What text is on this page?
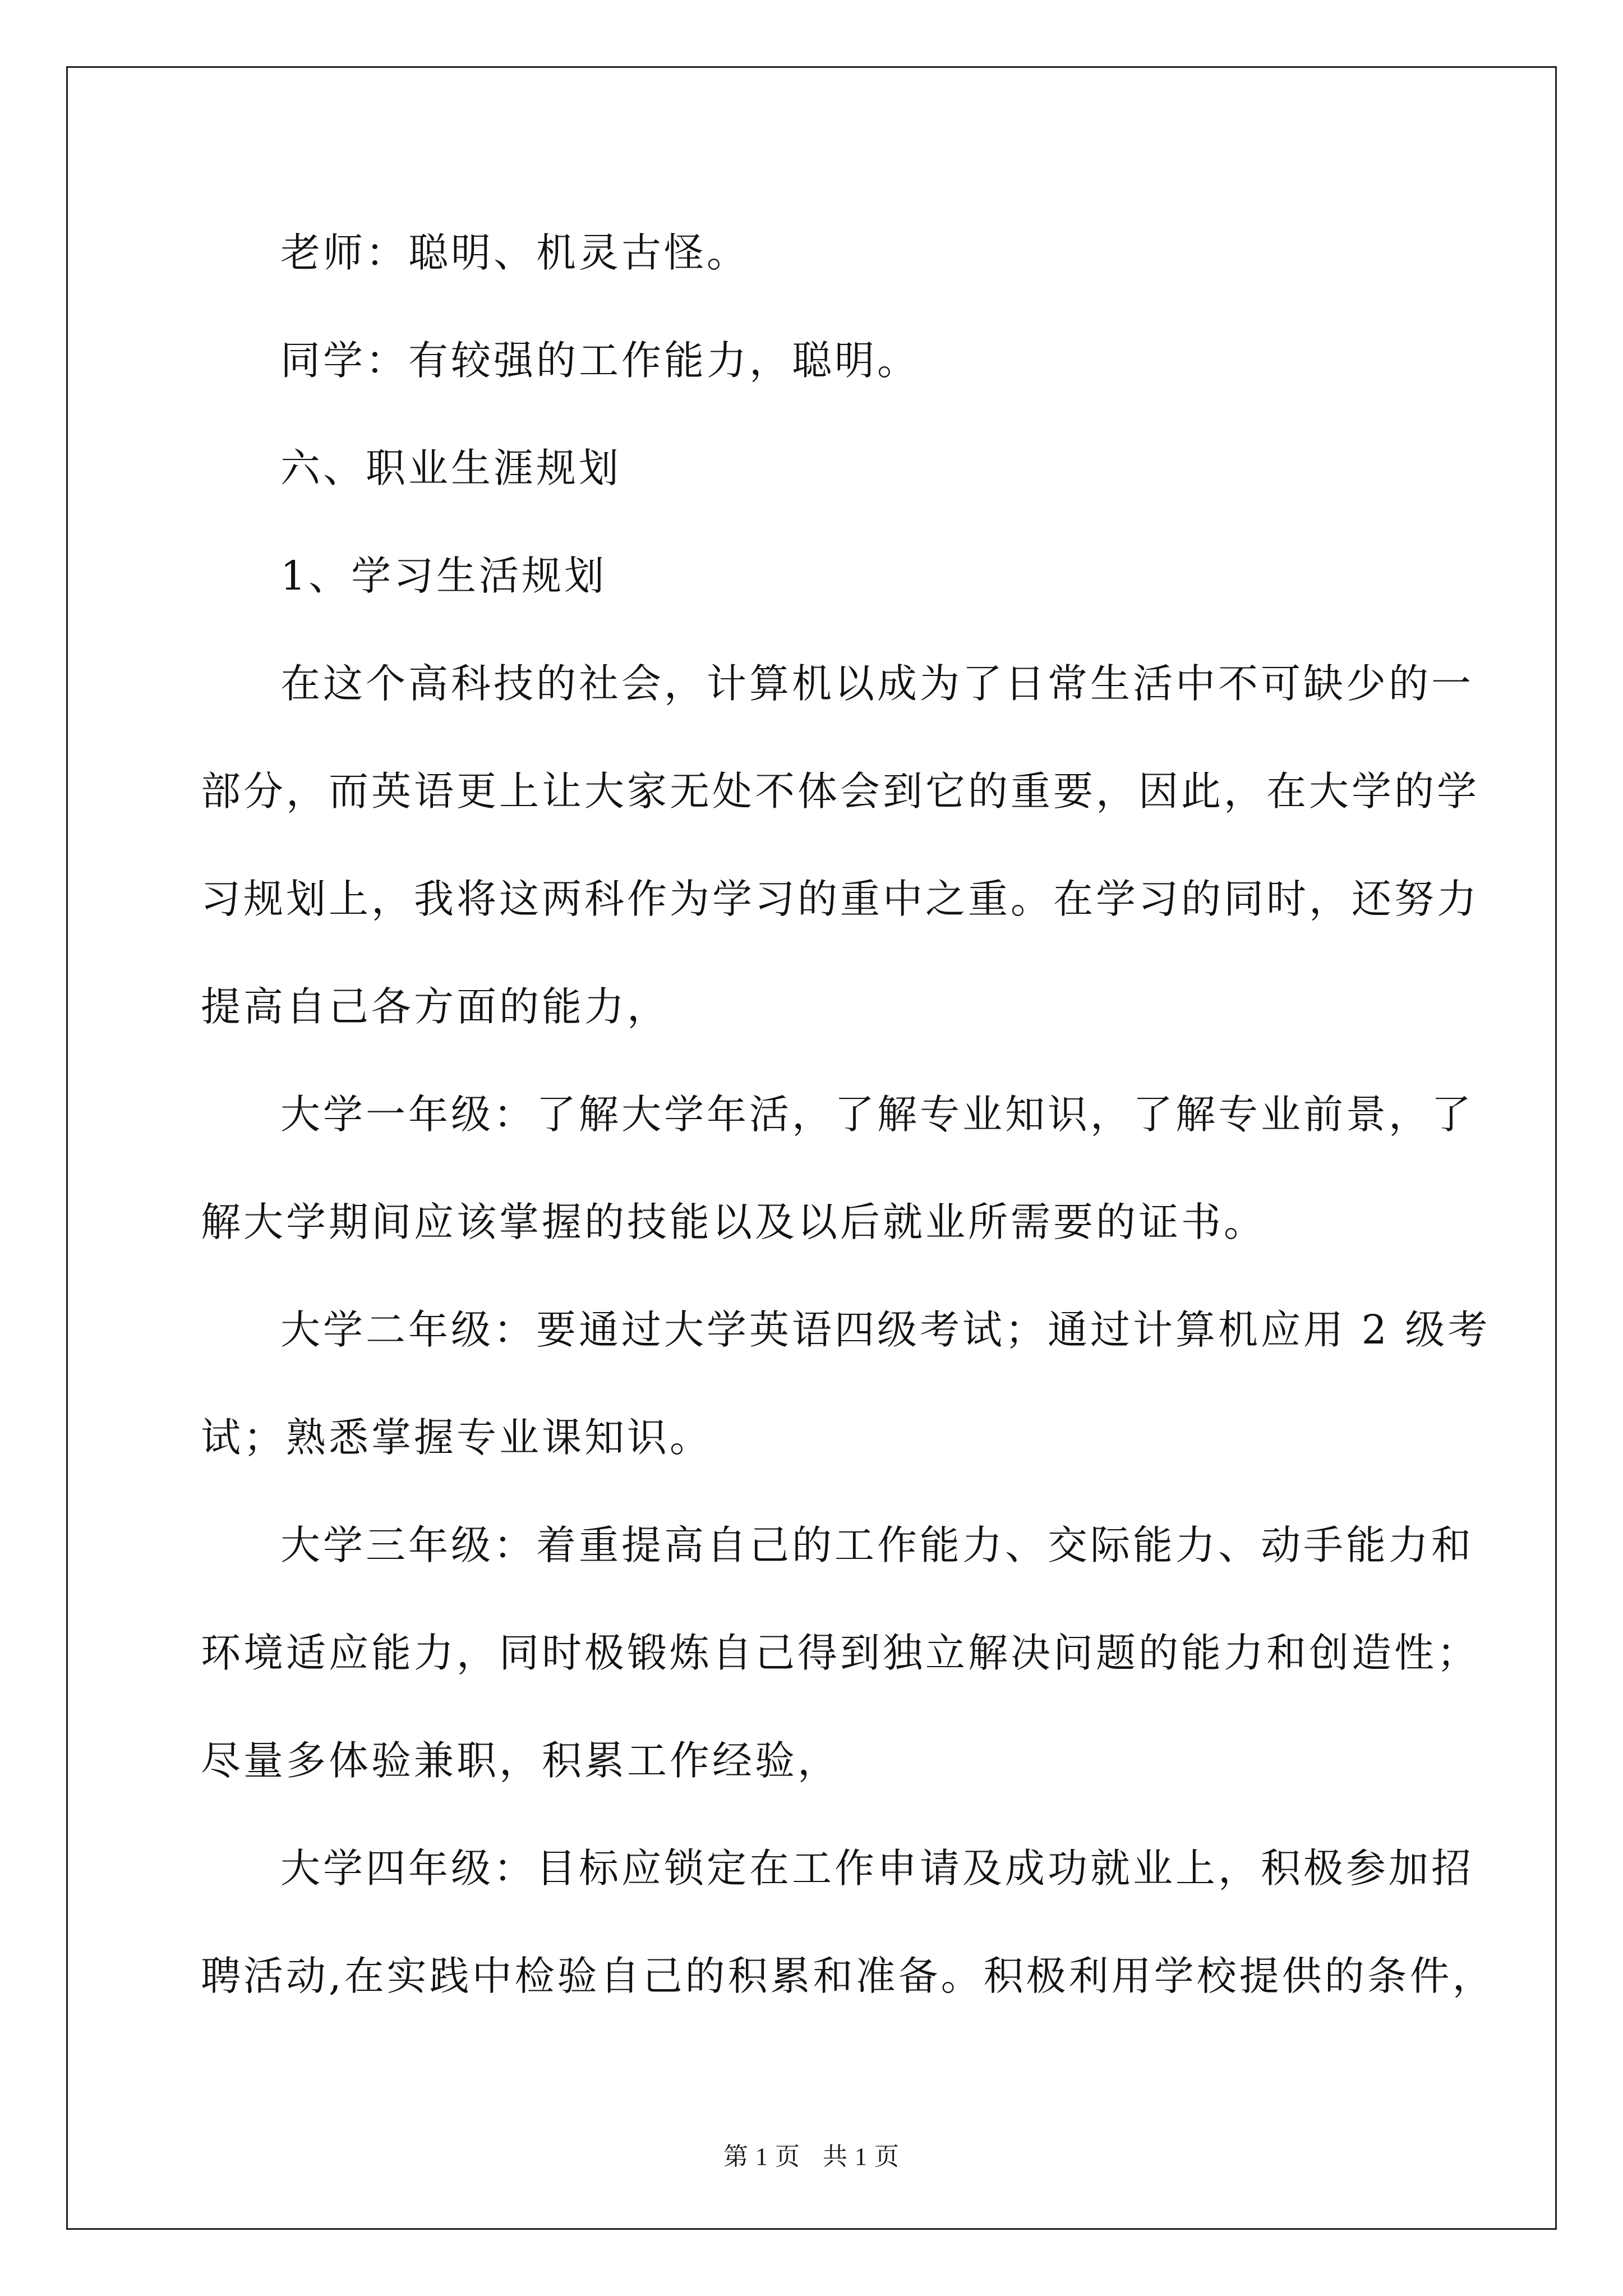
老师：聪明、机灵古怪。
同学：有较强的工作能力，聪明。
六、职业生涯规划
1、学习生活规划
在这个高科技的社会，计算机以成为了日常生活中不可缺少的一
部分，而英语更上让大家无处不体会到它的重要，因此，在大学的学
习规划上，我将这两科作为学习的重中之重。在学习的同时，还努力
提高自己各方面的能力，
大学一年级：了解大学年活，了解专业知识，了解专业前景，了
解大学期间应该掌握的技能以及以后就业所需要的证书。
大学二年级：要通过大学英语四级考试；通过计算机应用 2 级考
试；熟悉掌握专业课知识。
大学三年级：着重提高自己的工作能力、交际能力、动手能力和
环境适应能力，同时极锻炼自己得到独立解决问题的能力和创造性；
尽量多体验兼职，积累工作经验，
大学四年级：目标应锁定在工作申请及成功就业上，积极参加招
聘活动,在实践中检验自己的积累和准备。积极利用学校提供的条件，
第 1 页 共 1 页
